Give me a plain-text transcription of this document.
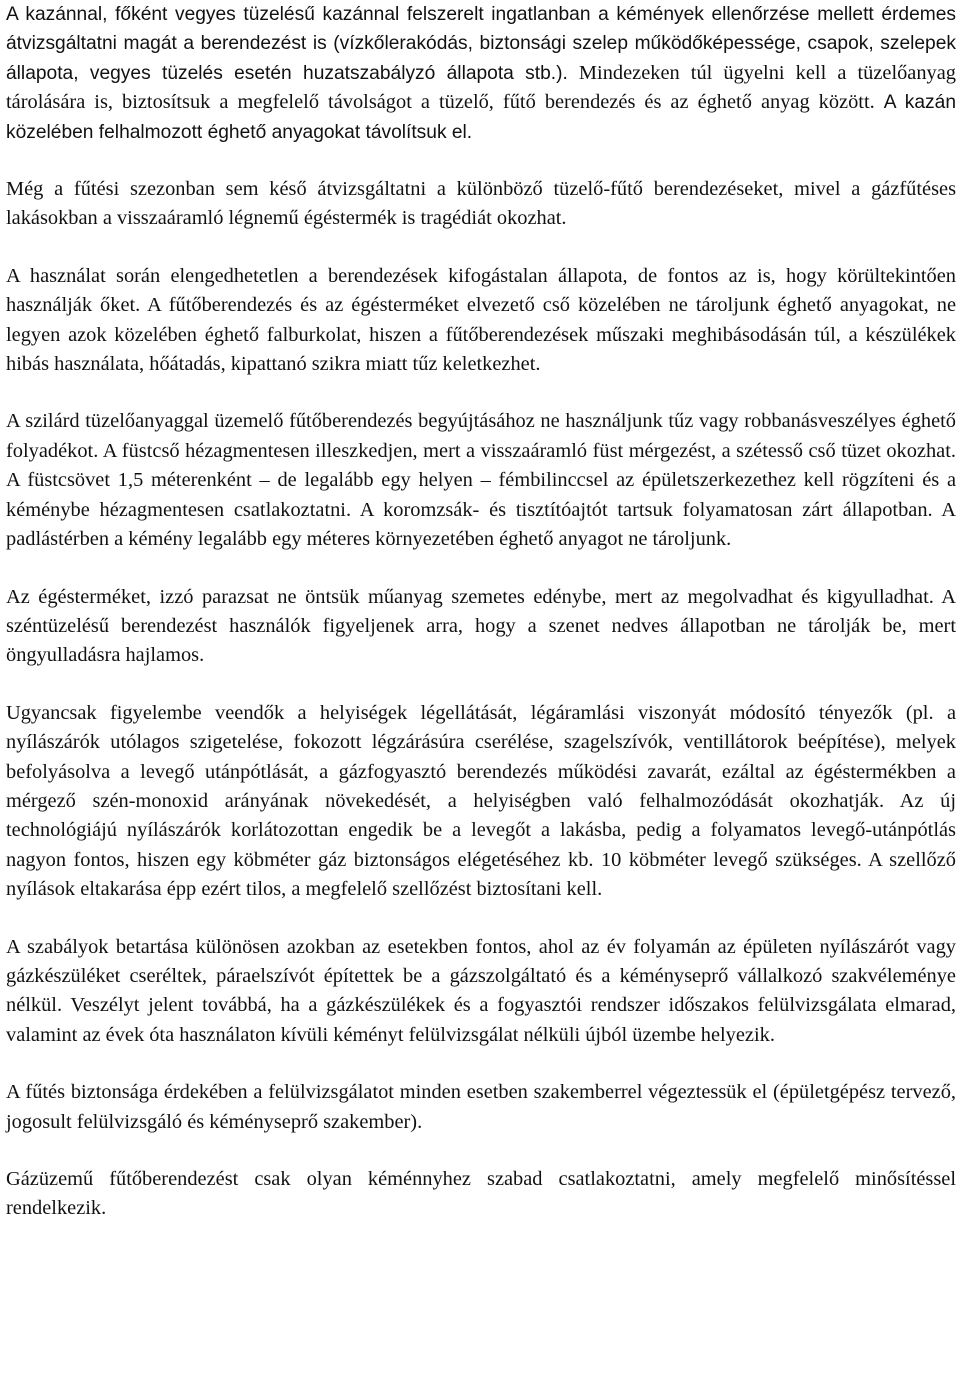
A kazánnal, főként vegyes tüzelésű kazánnal felszerelt ingatlanban a kémények ellenőrzése mellett érdemes átvizsgáltatni magát a berendezést is (vízkőlerakódás, biztonsági szelep működőképessége, csapok, szelepek állapota, vegyes tüzelés esetén huzatszabályzó állapota stb.). Mindezeken túl ügyelni kell a tüzelőanyag tárolására is, biztosítsuk a megfelelő távolságot a tüzelő, fűtő berendezés és az éghető anyag között. A kazán közelében felhalmozott éghető anyagokat távolítsuk el.

Még a fűtési szezonban sem késő átvizsgáltatni a különböző tüzelő-fűtő berendezéseket, mivel a gázfűtéses lakásokban a visszaáramló légnemű égéstermék is tragédiát okozhat.

A használat során elengedhetetlen a berendezések kifogástalan állapota, de fontos az is, hogy körültekintően használják őket. A fűtőberendezés és az égésterméket elvezető cső közelében ne tároljunk éghető anyagokat, ne legyen azok közelében éghető falburkolat, hiszen a fűtőberendezések műszaki meghibásodásán túl, a készülékek hibás használata, hőátadás, kipattanó szikra miatt tűz keletkezhet.

A szilárd tüzelőanyaggal üzemelő fűtőberendezés begyújtásához ne használjunk tűz vagy robbanásveszélyes éghető folyadékot. A füstcső hézagmentesen illeszkedjen, mert a visszaáramló füst mérgezést, a szétesső cső tüzet okozhat. A füstcsövet 1,5 méterenként – de legalább egy helyen – fémbilinccsel az épületszerkezethez kell rögzíteni és a kéménybe hézagmentesen csatlakoztatni. A koromzsák- és tisztítóajtót tartsuk folyamatosan zárt állapotban. A padlástérben a kémény legalább egy méteres környezetében éghető anyagot ne tároljunk.

Az égésterméket, izzó parazsat ne öntsük műanyag szemetes edénybe, mert az megolvadhat és kigyulladhat. A széntüzelésű berendezést használók figyeljenek arra, hogy a szenet nedves állapotban ne tárolják be, mert öngyulladásra hajlamos.

Ugyancsak figyelembe veendők a helyiségek légellátását, légáramlási viszonyát módosító tényezők (pl. a nyílászárók utólagos szigetelése, fokozott légzárásúra cserélése, szagelszívók, ventillátorok beépítése), melyek befolyásolva a levegő utánpótlását, a gázfogyasztó berendezés működési zavarát, ezáltal az égéstermékben a mérgező szén-monoxid arányának növekedését, a helyiségben való felhalmozódását okozhatják. Az új technológiájú nyílászárók korlátozottan engedik be a levegőt a lakásba, pedig a folyamatos levegő-utánpótlás nagyon fontos, hiszen egy köbméter gáz biztonságos elégetéséhez kb. 10 köbméter levegő szükséges. A szellőző nyílások eltakarása épp ezért tilos, a megfelelő szellőzést biztosítani kell.

A szabályok betartása különösen azokban az esetekben fontos, ahol az év folyamán az épületen nyílászárót vagy gázkészüléket cseréltek, páraelszívót építettek be a gázszolgáltató és a kéményseprő vállalkozó szakvéleménye nélkül. Veszélyt jelent továbbá, ha a gázkészülékek és a fogyasztói rendszer időszakos felülvizsgálata elmarad, valamint az évek óta használaton kívüli kéményt felülvizsgálat nélküli újból üzembe helyezik.

A fűtés biztonsága érdekében a felülvizsgálatot minden esetben szakemberrel végeztessük el (épületgépész tervező, jogosult felülvizsgáló és kéményseprő szakember).

Gázüzemű fűtőberendezést csak olyan kéménnyhez szabad csatlakoztatni, amely megfelelő minősítéssel rendelkezik.
